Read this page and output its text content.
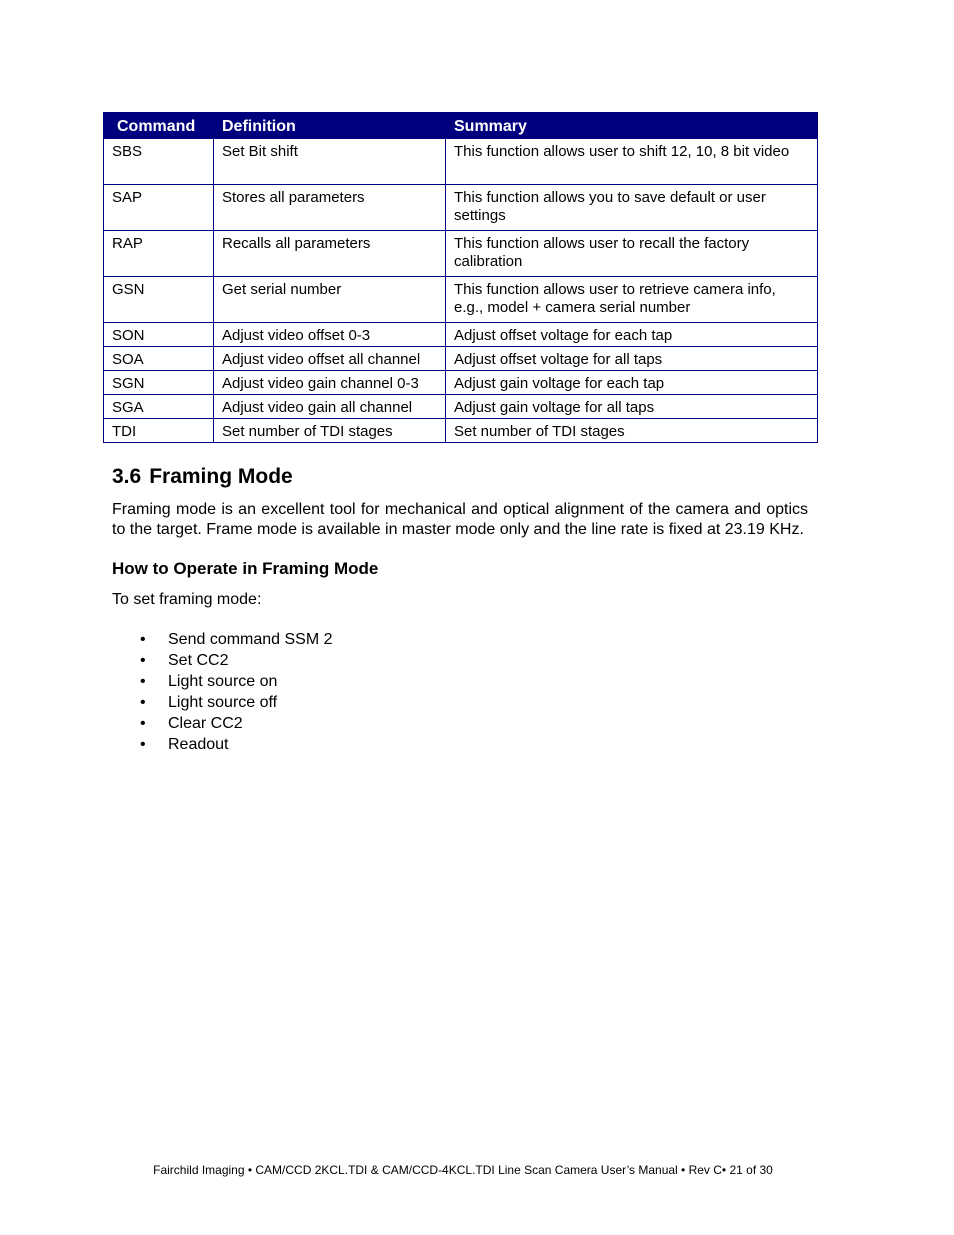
Command	Definition	Summary
SBS	Set Bit shift	This function allows user to shift 12, 10, 8 bit video
SAP	Stores all parameters	This function allows you to save default or user settings
RAP	Recalls all parameters	This function allows user to recall the factory calibration
GSN	Get serial number	This function allows user to retrieve camera info, e.g., model + camera serial number
SON	Adjust video offset 0-3	Adjust offset voltage for each tap
SOA	Adjust video offset all channel	Adjust offset voltage for all taps
SGN	Adjust video gain channel 0-3	Adjust gain voltage for each tap
SGA	Adjust video gain all channel	Adjust gain voltage for all taps
TDI	Set number of TDI stages	Set number of TDI stages
3.6 Framing Mode

Framing mode is an excellent tool for mechanical and optical alignment of the camera and optics to the target. Frame mode is available in master mode only and the line rate is fixed at 23.19 KHz.

How to Operate in Framing Mode

To set framing mode:

• Send command SSM 2
• Set CC2
• Light source on
• Light source off
• Clear CC2
• Readout
Fairchild Imaging • CAM/CCD 2KCL.TDI & CAM/CCD-4KCL.TDI Line Scan Camera User’s Manual • Rev C• 21 of 30
